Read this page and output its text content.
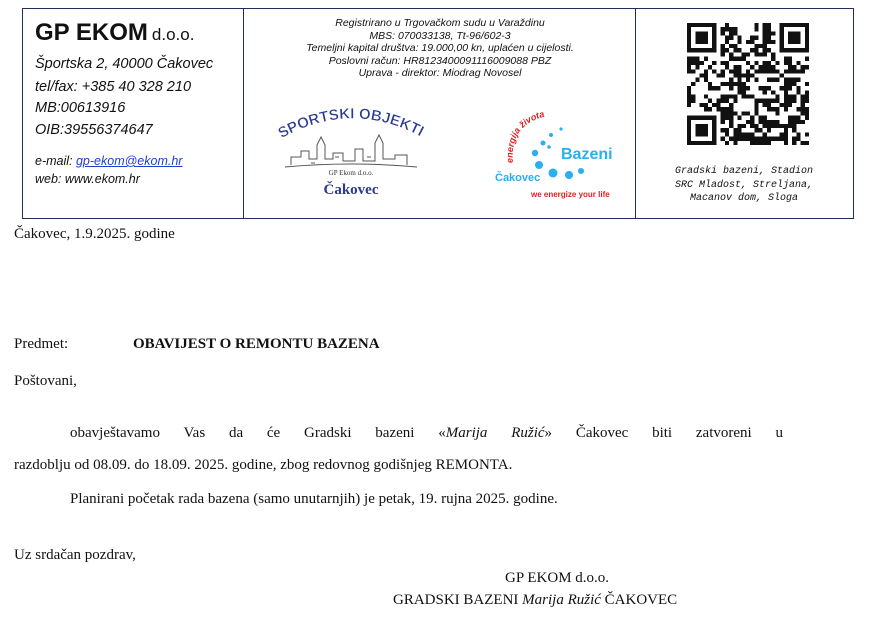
GP EKOM d.o.o.
Športska 2, 40000 Čakovec
tel/fax: +385 40 328 210
MB:00613916
OIB:39556374647
e-mail: gp-ekom@ekom.hr
web: www.ekom.hr
Registrirano u Trgovačkom sudu u Varaždinu
MBS: 070033138, Tt-96/602-3
Temeljni kapital društva: 19.000,00 kn, uplaćen u cijelosti.
Poslovni račun: HR8123400091116009088 PBZ
Uprava - direktor: Miodrag Novosel
SPORTSKI OBJEKTI
GP Ekom d.o.o.
Čakovec
energija života
Bazeni
Čakovec
we energize your life
Gradski bazeni, Stadion
SRC Mladost, Streljana,
Macanov dom, Sloga
Čakovec, 1.9.2025. godine
Predmet:	OBAVIJEST O REMONTU BAZENA
Poštovani,
obavještavamo Vas da će Gradski bazeni «Marija Ružić» Čakovec biti zatvoreni u
razdoblju od 08.09. do 18.09. 2025. godine, zbog redovnog godišnjeg REMONTA.
Planirani početak rada bazena (samo unutarnjih) je petak, 19. rujna 2025. godine.
Uz srdačan pozdrav,
GP EKOM d.o.o.
GRADSKI BAZENI Marija Ružić ČAKOVEC
